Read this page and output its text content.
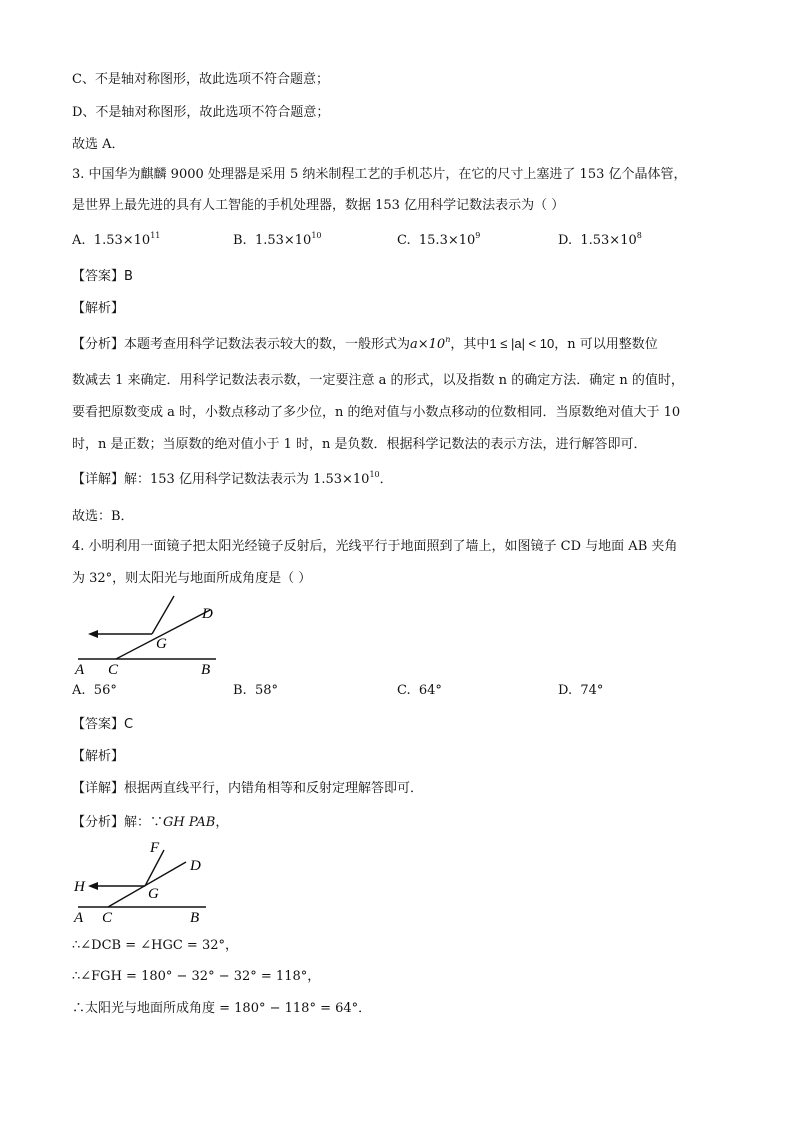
C、不是轴对称图形，故此选项不符合题意；
D、不是轴对称图形，故此选项不符合题意；
故选 A．
3. 中国华为麒麟 9000 处理器是采用 5 纳米制程工艺的手机芯片，在它的尺寸上塞进了 153 亿个晶体管，
是世界上最先进的具有人工智能的手机处理器，数据 153 亿用科学记数法表示为（ ）
A. $1.53\times 10^{11}$	B. $1.53\times 10^{10}$	C. $15.3\times 10^9$	D. $1.53\times 10^8$
【答案】B
【解析】
【分析】本题考查用科学记数法表示较大的数，一般形式为$a\times 10^n$，其中1 ≤ |a| < 10，n 可以用整数位
数减去 1 来确定．用科学记数法表示数，一定要注意 a 的形式，以及指数 n 的确定方法．确定 n 的值时，
要看把原数变成 a 时，小数点移动了多少位，n 的绝对值与小数点移动的位数相同．当原数绝对值大于 10
时，n 是正数；当原数的绝对值小于 1 时，n 是负数．根据科学记数法的表示方法，进行解答即可．
【详解】解：153 亿用科学记数法表示为 $1.53\times 10^{10}$．
故选：B．
4. 小明利用一面镜子把太阳光经镜子反射后，光线平行于地面照到了墙上，如图镜子 CD 与地面 AB 夹角
为 32°，则太阳光与地面所成角度是（ ）
A C	B
D
G
A. 56°	B. 58°	C. 64°	D. 74°
【答案】C
【解析】
【详解】根据两直线平行，内错角相等和反射定理解答即可．
【分析】解：∵GH PAB，
A C	B
D
F
G
H
∴∠DCB = ∠HGC = 32°，
∴∠FGH = 180° − 32° − 32° = 118°，
∴太阳光与地面所成角度 = 180° − 118° = 64°．
